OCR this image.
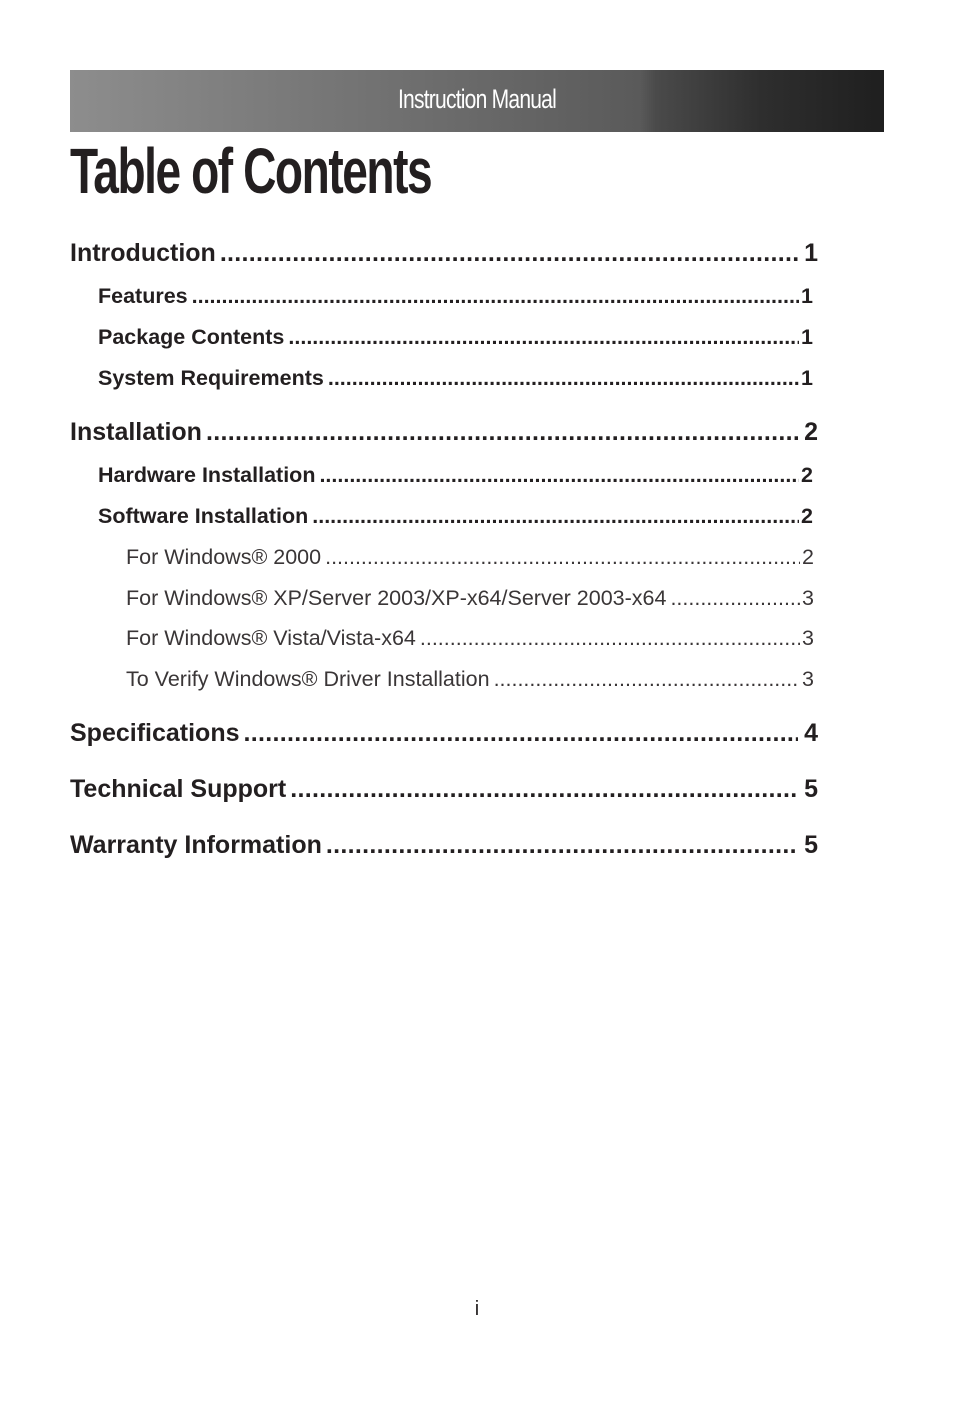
Instruction Manual
Table of Contents
Introduction .....	1
Features .....	1
Package Contents .....	1
System Requirements .....	1
Installation .....	2
Hardware Installation .....	2
Software Installation .....	2
For Windows® 2000 .....	2
For Windows® XP/Server 2003/XP-x64/Server 2003-x64 .....	3
For Windows® Vista/Vista-x64 .....	3
To Verify Windows® Driver Installation .....	3
Specifications .....	4
Technical Support .....	5
Warranty Information .....	5
i
